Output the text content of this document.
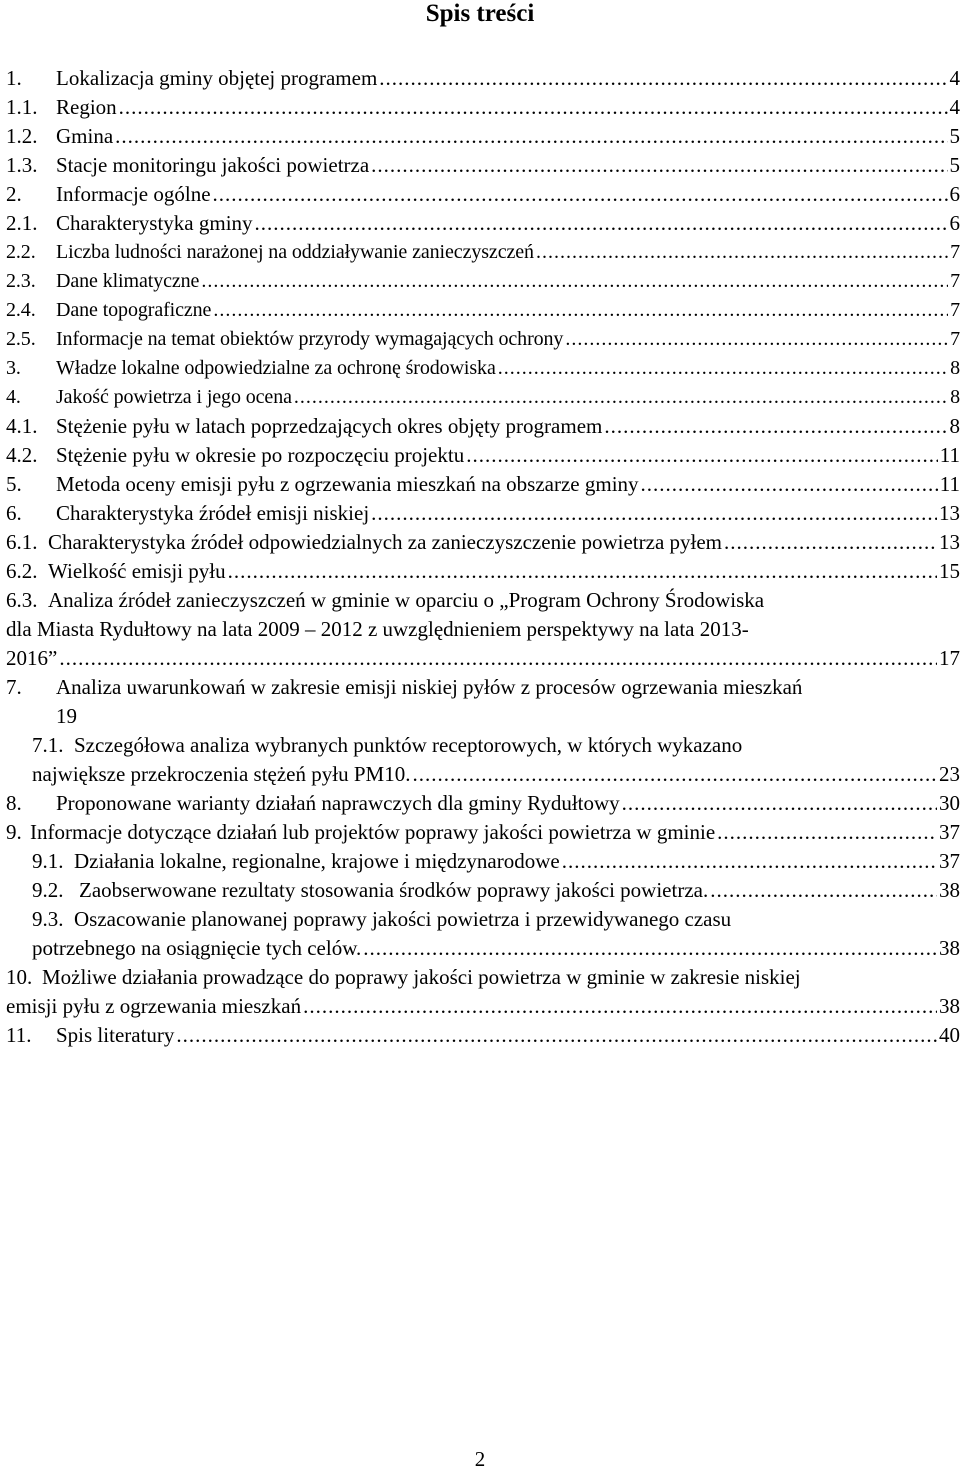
Spis treści
1.	Lokalizacja gminy objętej programem .....	4
1.1. Region .....	4
1.2. Gmina .....	5
1.3. Stacje monitoringu jakości powietrza .....	5
2.	Informacje ogólne .....	6
2.1. Charakterystyka gminy .....	6
2.2.	Liczba ludności narażonej na oddziaływanie zanieczyszczeń .....	7
2.3.	Dane klimatyczne .....	7
2.4.	Dane topograficzne .....	7
2.5.	Informacje na temat obiektów przyrody wymagających ochrony .....	7
3.	Władze lokalne odpowiedzialne za ochronę środowiska .....	8
4.	Jakość powietrza i jego ocena .....	8
4.1. Stężenie pyłu w latach poprzedzających okres objęty programem .....	8
4.2. Stężenie pyłu w okresie po rozpoczęciu projektu .....	11
5.	Metoda oceny emisji pyłu z ogrzewania mieszkań na obszarze gminy .....	11
6.	Charakterystyka źródeł emisji niskiej .....	13
6.1. Charakterystyka źródeł odpowiedzialnych za zanieczyszczenie powietrza pyłem .....	13
6.2. Wielkość emisji pyłu .....	15
6.3. Analiza źródeł zanieczyszczeń w gminie w oparciu o „Program Ochrony Środowiska
dla Miasta Rydułtowy na lata 2009 – 2012 z uwzględnieniem perspektywy na lata 2013-
2016” .....	17
7.	Analiza uwarunkowań w zakresie emisji niskiej pyłów z procesów ogrzewania mieszkań
19
7.1. Szczegółowa analiza wybranych punktów receptorowych, w których wykazano
największe przekroczenia stężeń pyłu PM10. .....	23
8.	Proponowane warianty działań naprawczych dla gminy Rydułtowy .....	30
9. Informacje dotyczące działań lub projektów poprawy jakości powietrza w gminie .....	37
9.1. Działania lokalne, regionalne, krajowe i międzynarodowe .....	37
9.2. Zaobserwowane rezultaty stosowania środków poprawy jakości powietrza. .....	38
9.3. Oszacowanie planowanej poprawy jakości powietrza i przewidywanego czasu
potrzebnego na osiągnięcie tych celów. .....	38
10. Możliwe działania prowadzące do poprawy jakości powietrza w gminie w zakresie niskiej
emisji pyłu z ogrzewania mieszkań .....	38
11.	Spis literatury .....	40
2
